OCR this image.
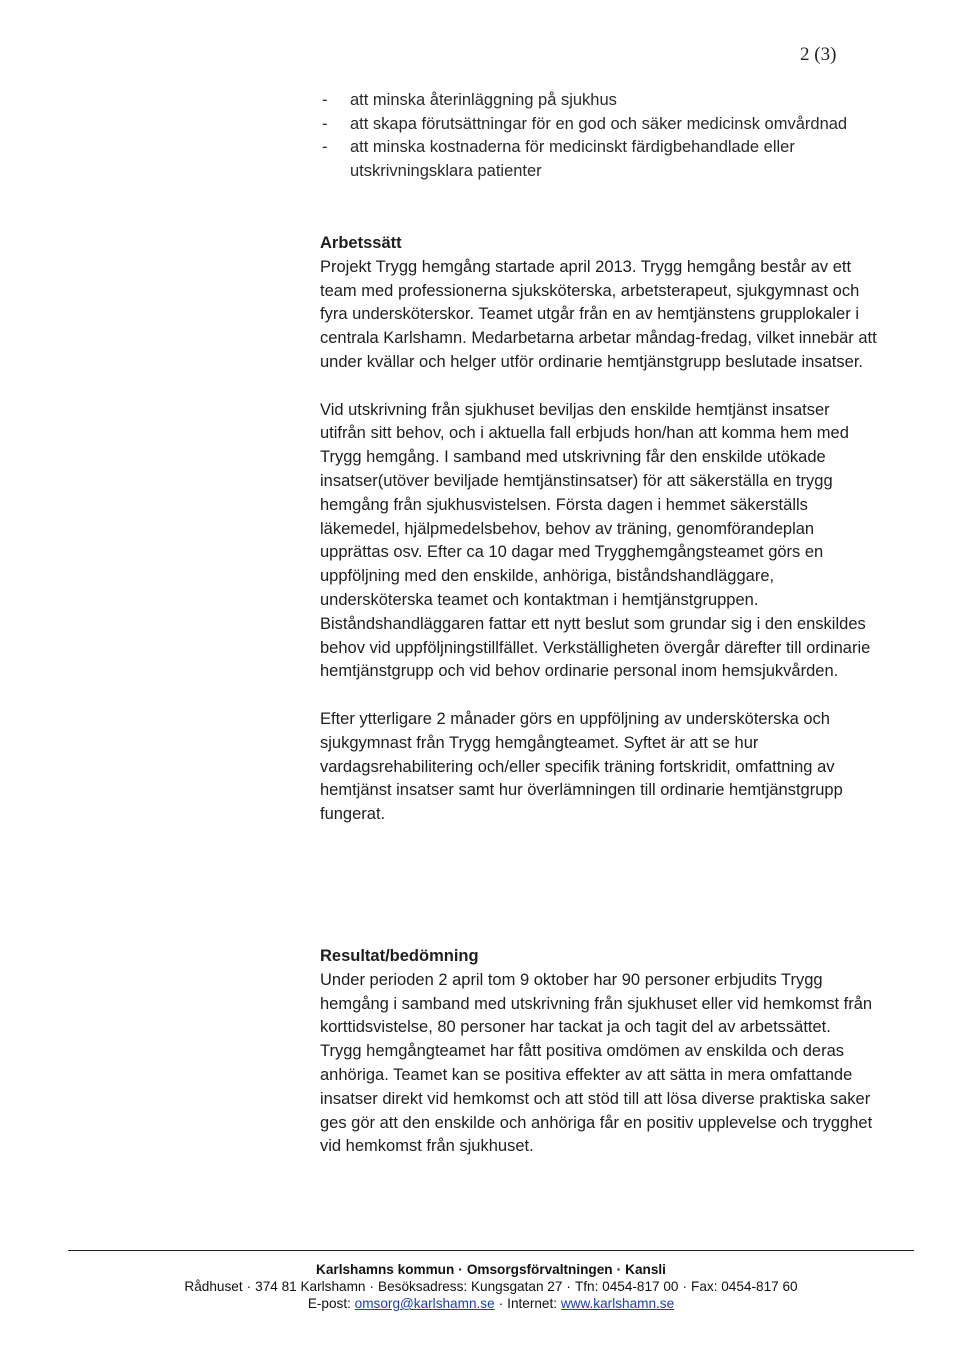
2 (3)
- att minska återinläggning på sjukhus
- att skapa förutsättningar för en god och säker medicinsk omvårdnad
- att minska kostnaderna för medicinskt färdigbehandlade eller utskrivningsklara patienter

Arbetssätt

Projekt Trygg hemgång startade april 2013. Trygg hemgång består av ett team med professionerna sjuksköterska, arbetsterapeut, sjukgymnast och fyra undersköterskor. Teamet utgår från en av hemtjänstens grupplokaler i centrala Karlshamn. Medarbetarna arbetar måndag-fredag, vilket innebär att under kvällar och helger utför ordinarie hemtjänstgrupp beslutade insatser.

Vid utskrivning från sjukhuset beviljas den enskilde hemtjänst insatser utifrån sitt behov, och i aktuella fall erbjuds hon/han att komma hem med Trygg hemgång. I samband med utskrivning får den enskilde utökade insatser(utöver beviljade hemtjänstinsatser) för att säkerställa en trygg hemgång från sjukhusvistelsen. Första dagen i hemmet säkerställs läkemedel, hjälpmedelsbehov, behov av träning, genomförandeplan upprättas osv. Efter ca 10 dagar med Trygghemgångsteamet görs en uppföljning med den enskilde, anhöriga, biståndshandläggare, undersköterska teamet och kontaktman i hemtjänstgruppen.

Biståndshandläggaren fattar ett nytt beslut som grundar sig i den enskildes behov vid uppföljningstillfället. Verkställigheten övergår därefter till ordinarie hemtjänstgrupp och vid behov ordinarie personal inom hemsjukvården.

Efter ytterligare 2 månader görs en uppföljning av undersköterska och sjukgymnast från Trygg hemgångteamet. Syftet är att se hur vardagsrehabilitering och/eller specifik träning fortskridit, omfattning av hemtjänst insatser samt hur överlämningen till ordinarie hemtjänstgrupp fungerat.

Resultat/bedömning

Under perioden 2 april tom 9 oktober har 90 personer erbjudits Trygg hemgång i samband med utskrivning från sjukhuset eller vid hemkomst från korttidsvistelse, 80 personer har tackat ja och tagit del av arbetssättet.

Trygg hemgångteamet har fått positiva omdömen av enskilda och deras anhöriga. Teamet kan se positiva effekter av att sätta in mera omfattande insatser direkt vid hemkomst och att stöd till att lösa diverse praktiska saker ges gör att den enskilde och anhöriga får en positiv upplevelse och trygghet vid hemkomst från sjukhuset.

Karlshamns kommun · Omsorgsförvaltningen · Kansli
Rådhuset · 374 81 Karlshamn · Besöksadress: Kungsgatan 27 · Tfn: 0454-817 00 · Fax: 0454-817 60
E-post: omsorg@karlshamn.se · Internet: www.karlshamn.se
